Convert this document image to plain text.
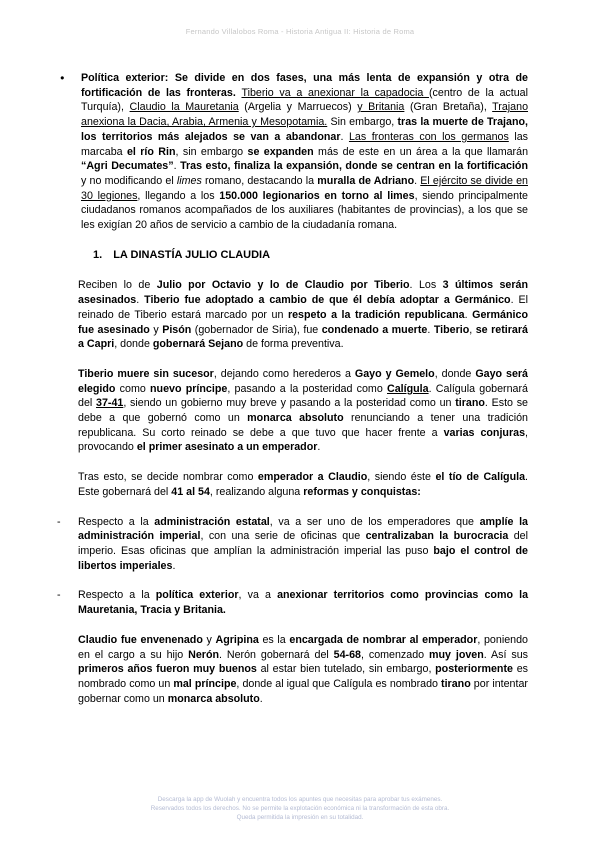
Fernando Villalobos Roma - Historia Antigua II: Historia de Roma
●	Política exterior: Se divide en dos fases, una más lenta de expansión y otra de fortificación de las fronteras. Tiberio va a anexionar la capadocia (centro de la actual Turquía), Claudio la Mauretania (Argelia y Marruecos) y Britania (Gran Bretaña), Trajano anexiona la Dacia, Arabia, Armenia y Mesopotamia. Sin embargo, tras la muerte de Trajano, los territorios más alejados se van a abandonar. Las fronteras con los germanos las marcaba el río Rin, sin embargo se expanden más de este en un área a la que llamarán “Agri Decumates”. Tras esto, finaliza la expansión, donde se centran en la fortificación y no modificando el limes romano, destacando la muralla de Adriano. El ejército se divide en 30 legiones, llegando a los 150.000 legionarios en torno al limes, siendo principalmente ciudadanos romanos acompañados de los auxiliares (habitantes de provincias), a los que se les exigían 20 años de servicio a cambio de la ciudadanía romana.
1. LA DINASTÍA JULIO CLAUDIA
Reciben lo de Julio por Octavio y lo de Claudio por Tiberio. Los 3 últimos serán asesinados. Tiberio fue adoptado a cambio de que él debía adoptar a Germánico. El reinado de Tiberio estará marcado por un respeto a la tradición republicana. Germánico fue asesinado y Pisón (gobernador de Siria), fue condenado a muerte. Tiberio, se retirará a Capri, donde gobernará Sejano de forma preventiva.
Tiberio muere sin sucesor, dejando como herederos a Gayo y Gemelo, donde Gayo será elegido como nuevo príncipe, pasando a la posteridad como Calígula. Calígula gobernará del 37-41, siendo un gobierno muy breve y pasando a la posteridad como un tirano. Esto se debe a que gobernó como un monarca absoluto renunciando a tener una tradición republicana. Su corto reinado se debe a que tuvo que hacer frente a varias conjuras, provocando el primer asesinato a un emperador.
Tras esto, se decide nombrar como emperador a Claudio, siendo éste el tío de Calígula. Este gobernará del 41 al 54, realizando alguna reformas y conquistas:
-	Respecto a la administración estatal, va a ser uno de los emperadores que amplíe la administración imperial, con una serie de oficinas que centralizaban la burocracia del imperio. Esas oficinas que amplían la administración imperial las puso bajo el control de libertos imperiales.
-	Respecto a la política exterior, va a anexionar territorios como provincias como la Mauretania, Tracia y Britania.
Claudio fue envenenado y Agripina es la encargada de nombrar al emperador, poniendo en el cargo a su hijo Nerón. Nerón gobernará del 54-68, comenzado muy joven. Así sus primeros años fueron muy buenos al estar bien tutelado, sin embargo, posteriormente es nombrado como un mal príncipe, donde al igual que Calígula es nombrado tirano por intentar gobernar como un monarca absoluto.
Descarga la app de Wuolah y encuentra todos los apuntes que necesitas para aprobar tus exámenes.
Reservados todos los derechos. No se permite la explotación económica ni la transformación de esta obra.
Queda permitida la impresión en su totalidad.
